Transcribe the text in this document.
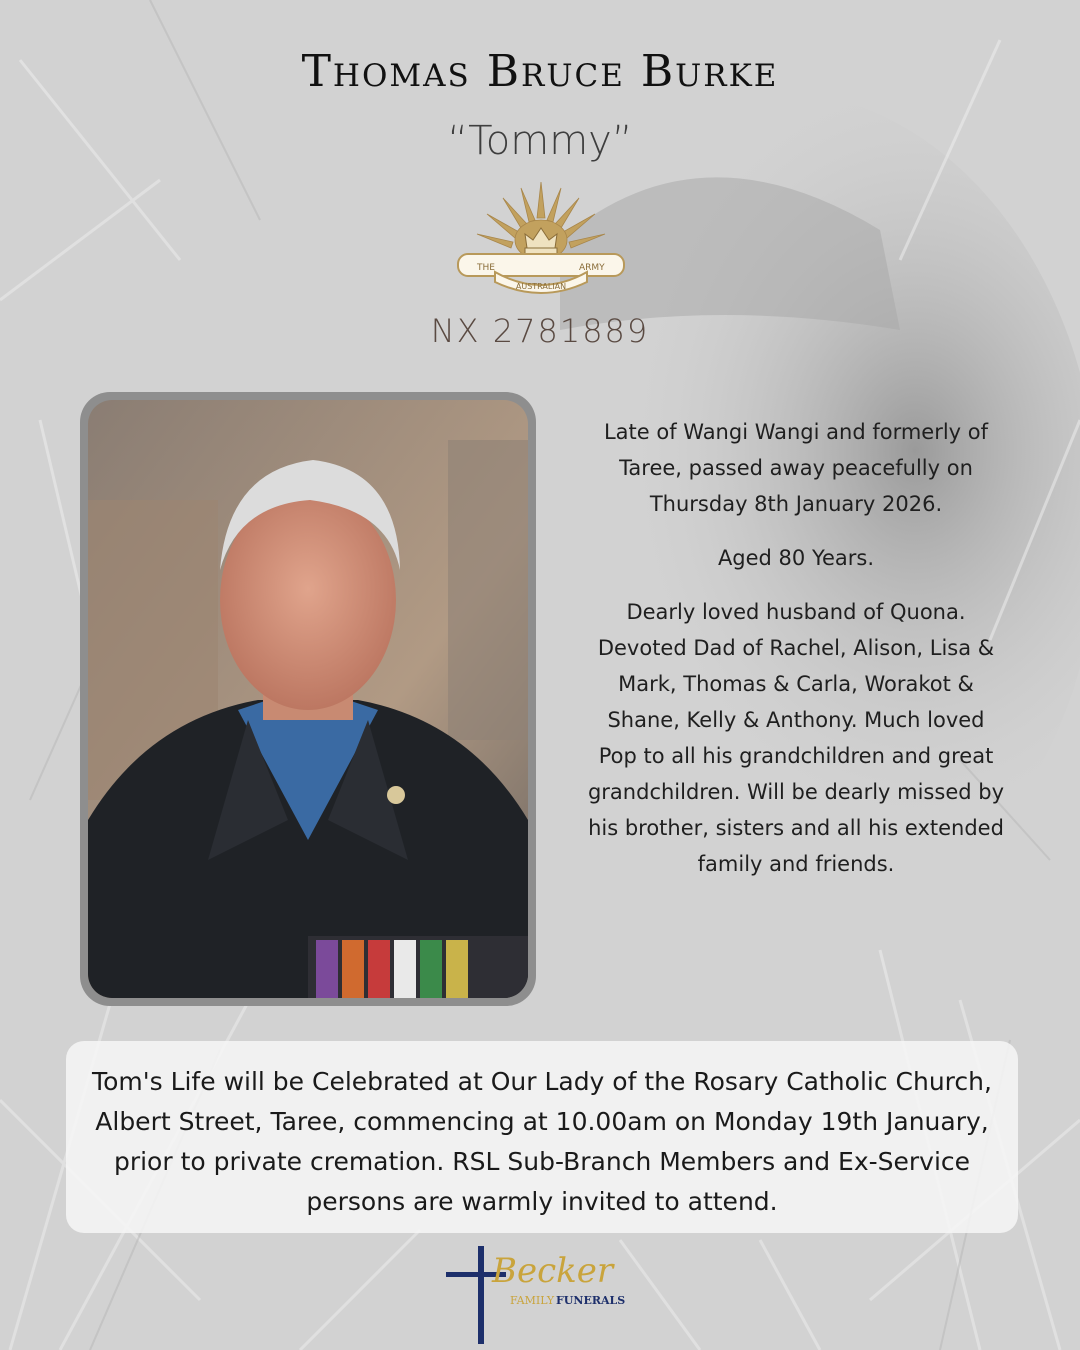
Thomas Bruce Burke
“Tommy”
THE	ARMY
AUSTRALIAN
NX 2781889

Late of Wangi Wangi and formerly of Taree, passed away peacefully on Thursday 8th January 2026.

Aged 80 Years.

Dearly loved husband of Quona. Devoted Dad of Rachel, Alison, Lisa & Mark, Thomas & Carla, Worakot & Shane, Kelly & Anthony. Much loved Pop to all his grandchildren and great grandchildren. Will be dearly missed by his brother, sisters and all his extended family and friends.

Tom's Life will be Celebrated at Our Lady of the Rosary Catholic Church, Albert Street, Taree, commencing at 10.00am on Monday 19th January, prior to private cremation. RSL Sub-Branch Members and Ex-Service persons are warmly invited to attend.

Becker
FAMILY FUNERALS
